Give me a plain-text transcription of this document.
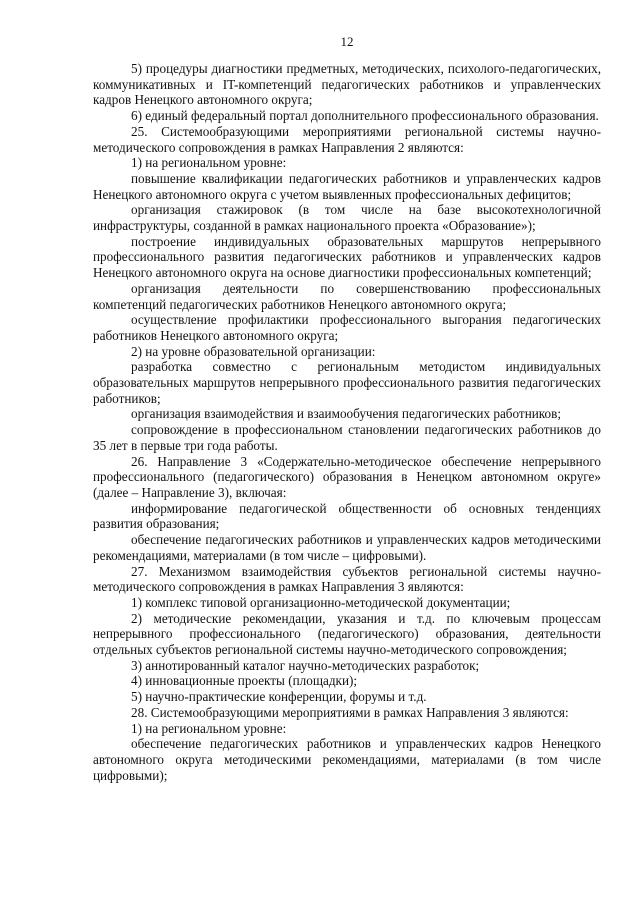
12

5) процедуры диагностики предметных, методических, психолого-педагогических, коммуникативных и IT-компетенций педагогических работников и управленческих кадров Ненецкого автономного округа;

6) единый федеральный портал дополнительного профессионального образования.

25. Системообразующими мероприятиями региональной системы научно-методического сопровождения в рамках Направления 2 являются:

1) на региональном уровне:

повышение квалификации педагогических работников и управленческих кадров Ненецкого автономного округа с учетом выявленных профессиональных дефицитов;

организация стажировок (в том числе на базе высокотехнологичной инфраструктуры, созданной в рамках национального проекта «Образование»);

построение индивидуальных образовательных маршрутов непрерывного профессионального развития педагогических работников и управленческих кадров Ненецкого автономного округа на основе диагностики профессиональных компетенций;

организация деятельности по совершенствованию профессиональных компетенций педагогических работников Ненецкого автономного округа;

осуществление профилактики профессионального выгорания педагогических работников Ненецкого автономного округа;

2) на уровне образовательной организации:

разработка совместно с региональным методистом индивидуальных образовательных маршрутов непрерывного профессионального развития педагогических работников;

организация взаимодействия и взаимообучения педагогических работников;

сопровождение в профессиональном становлении педагогических работников до 35 лет в первые три года работы.

26. Направление 3 «Содержательно-методическое обеспечение непрерывного профессионального (педагогического) образования в Ненецком автономном округе» (далее – Направление 3), включая:

информирование педагогической общественности об основных тенденциях развития образования;

обеспечение педагогических работников и управленческих кадров методическими рекомендациями, материалами (в том числе – цифровыми).

27. Механизмом взаимодействия субъектов региональной системы научно-методического сопровождения в рамках Направления 3 являются:

1) комплекс типовой организационно-методической документации;

2) методические рекомендации, указания и т.д. по ключевым процессам непрерывного профессионального (педагогического) образования, деятельности отдельных субъектов региональной системы научно-методического сопровождения;

3) аннотированный каталог научно-методических разработок;

4) инновационные проекты (площадки);

5) научно-практические конференции, форумы и т.д.

28. Системообразующими мероприятиями в рамках Направления 3 являются:

1) на региональном уровне:

обеспечение педагогических работников и управленческих кадров Ненецкого автономного округа методическими рекомендациями, материалами (в том числе цифровыми);
